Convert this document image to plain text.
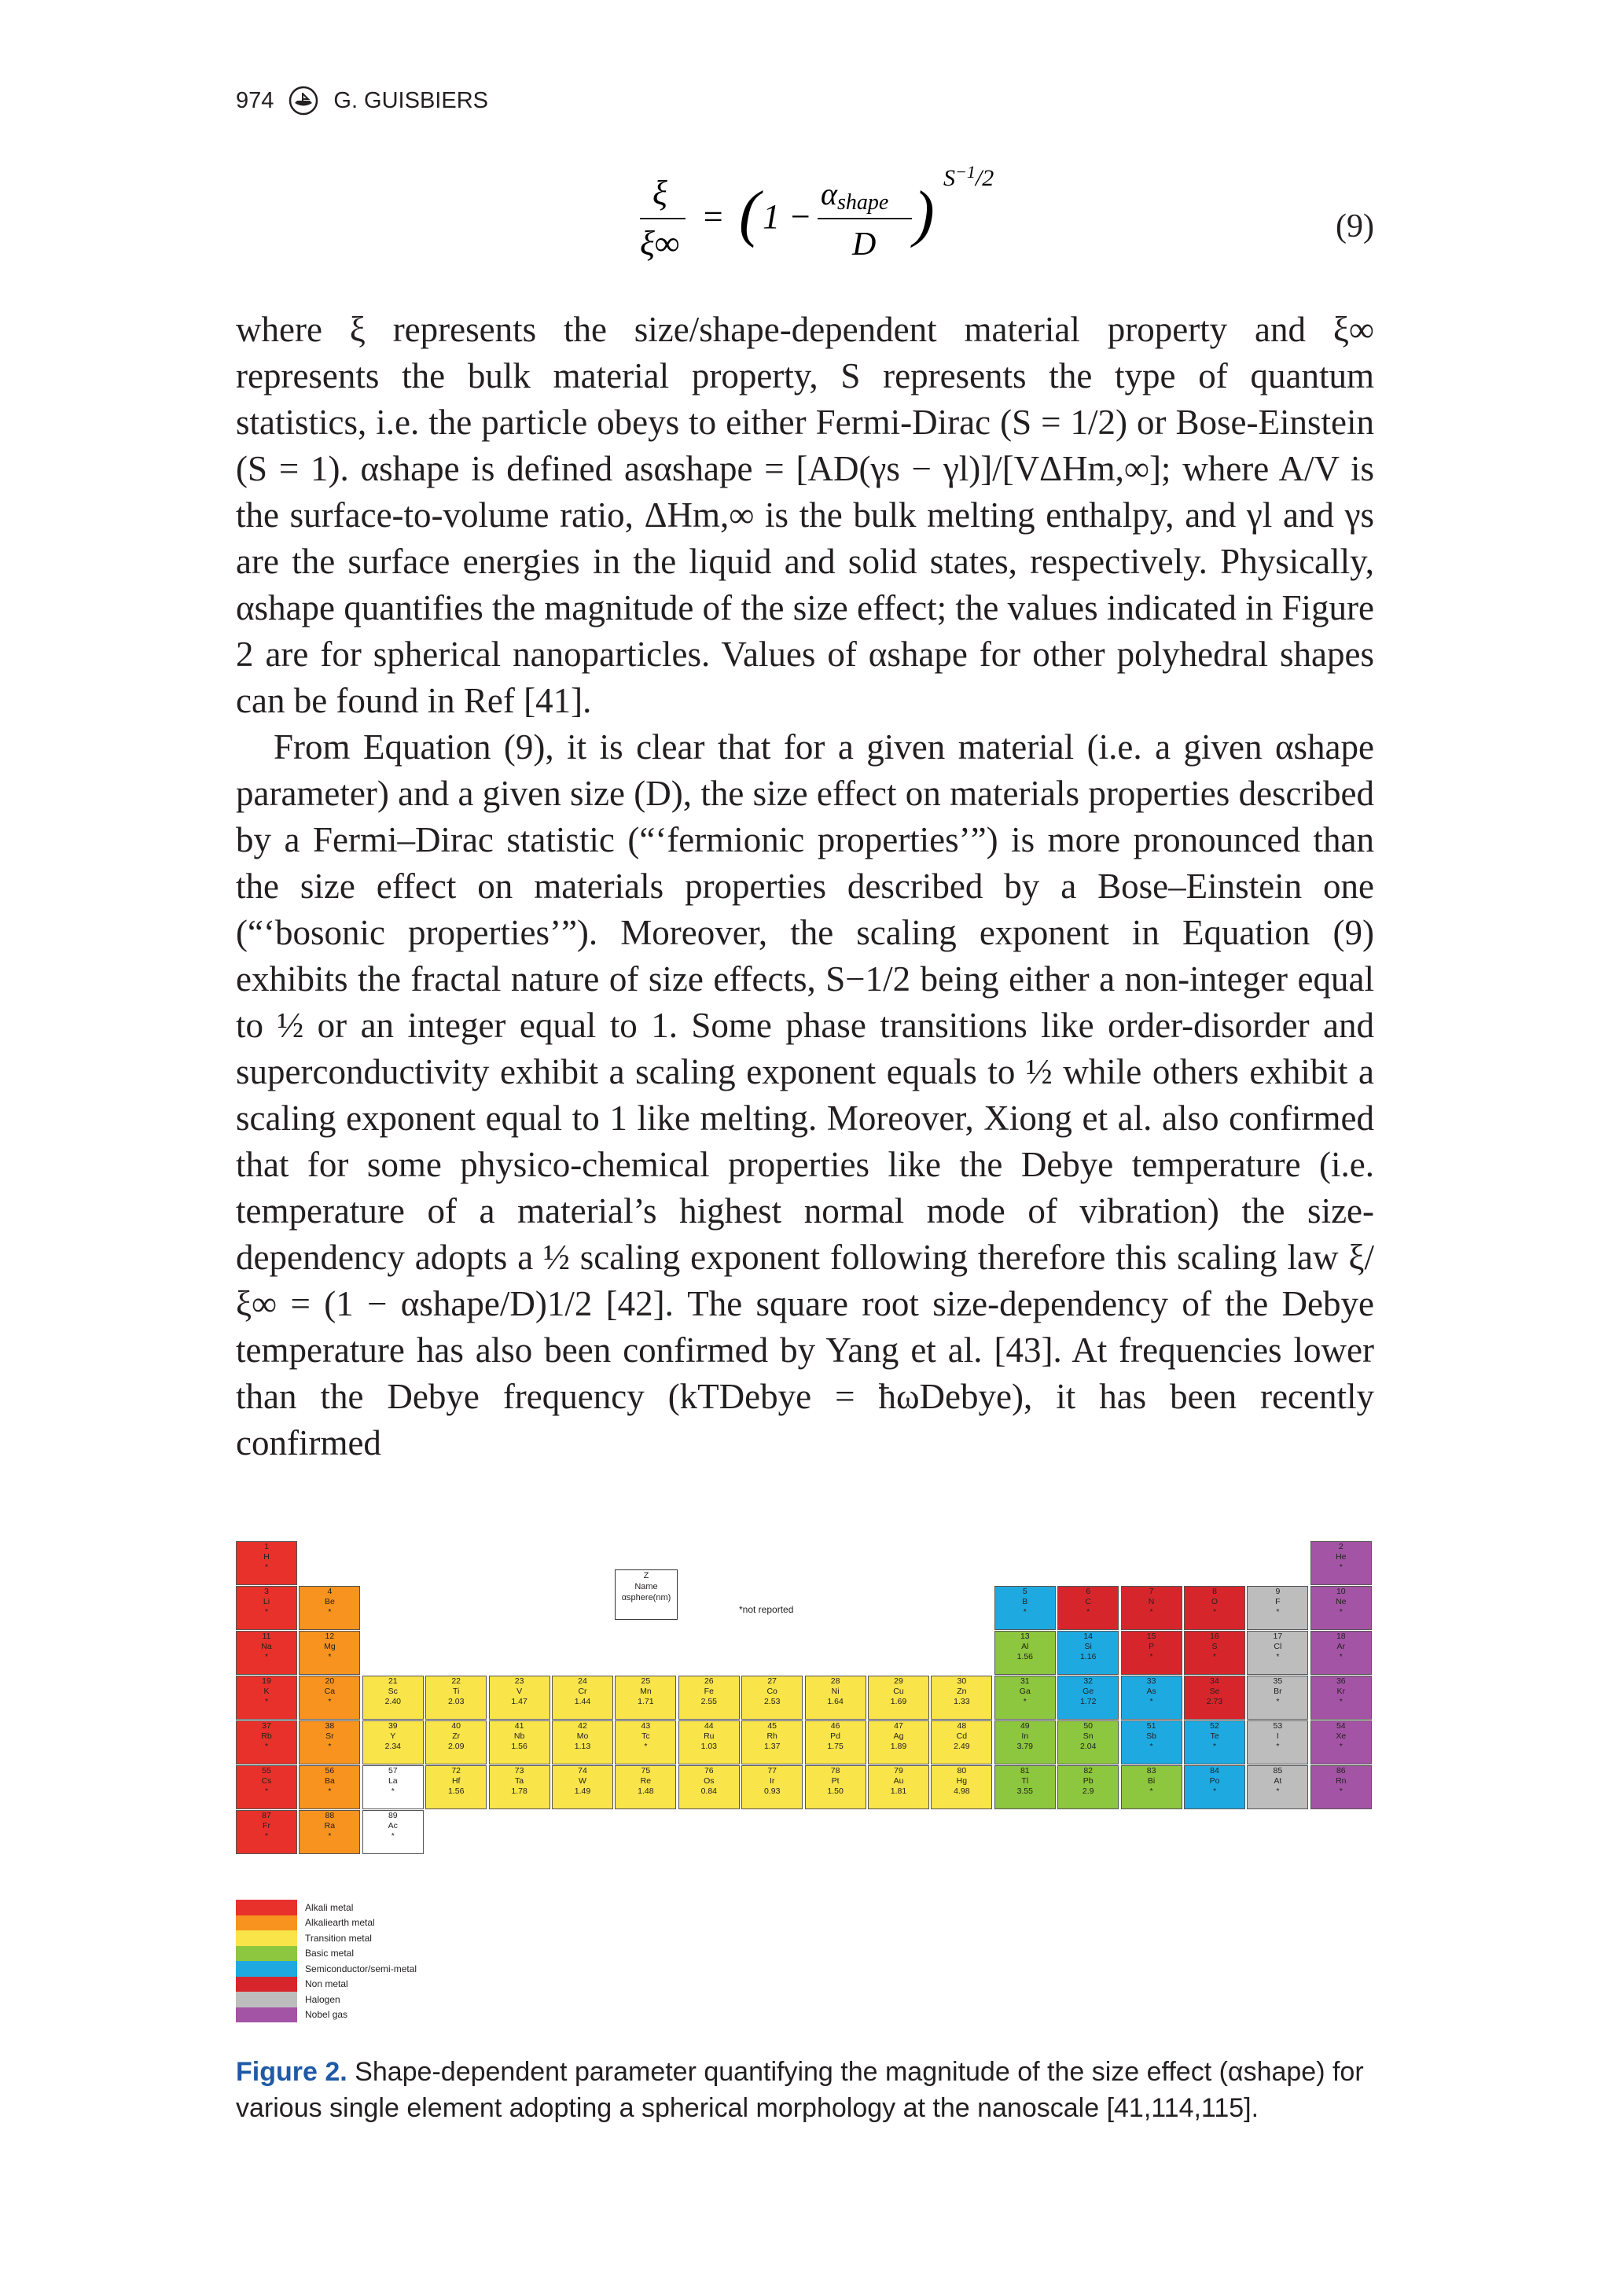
974	G. GUISBIERS
ξ
ξ∞
= ( 1 −
αshape
D )
$S^{-1}/2$
(9)

where ξ represents the size/shape-dependent material property and ξ∞ represents the bulk material property, S represents the type of quantum statistics, i.e. the particle obeys to either Fermi-Dirac (S = 1/2) or Bose-Einstein (S = 1). αshape is defined asαshape = [AD(γs − γl)]/[VΔHm,∞]; where A/V is the surface-to-volume ratio, ΔHm,∞ is the bulk melting enthalpy, and γl and γs are the surface energies in the liquid and solid states, respectively. Physically, αshape quantifies the magnitude of the size effect; the values indicated in Figure 2 are for spherical nanoparticles. Values of αshape for other polyhedral shapes can be found in Ref [41].

From Equation (9), it is clear that for a given material (i.e. a given αshape parameter) and a given size (D), the size effect on materials properties described by a Fermi–Dirac statistic (“‘fermionic properties’”) is more pronounced than the size effect on materials properties described by a Bose–Einstein one (“‘bosonic properties’”). Moreover, the scaling exponent in Equation (9) exhibits the fractal nature of size effects, S−1/2 being either a non-integer equal to ½ or an integer equal to 1. Some phase transitions like order-disorder and superconductivity exhibit a scaling exponent equals to ½ while others exhibit a scaling exponent equal to 1 like melting. Moreover, Xiong et al. also confirmed that for some physico-chemical properties like the Debye temperature (i.e. temperature of a material’s highest normal mode of vibration) the size-dependency adopts a ½ scaling exponent following therefore this scaling law ξ/ξ∞ = (1 − αshape/D)1/2 [42]. The square root size-dependency of the Debye temperature has also been confirmed by Yang et al. [43]. At frequencies lower than the Debye frequency (kTDebye = ħωDebye), it has been recently confirmed

Z
Name
αsphere(nm)
*not reported
Alkali metal
Alkaliearth metal
Transition metal
Basic metal
Semiconductor/semi-metal
Non metal
Halogen
Nobel gas
1
H
*
2
He
*
3
Li
*
4
Be
*
5
B
*
6
C
*
7
N
*
8
O
*
9
F
*
10
Ne
*
11
Na
*
12
Mg
*
13
Al
1.56
14
Si
1.16
15
P
*
16
S
*
17
Cl
*
18
Ar
*
19
K
*
20
Ca
*
21
Sc
2.40
22
Ti
2.03
23
V
1.47
24
Cr
1.44
25
Mn
1.71
26
Fe
2.55
27
Co
2.53
28
Ni
1.64
29
Cu
1.69
30
Zn
1.33
31
Ga
*
32
Ge
1.72
33
As
*
34
Se
2.73
35
Br
*
36
Kr
*
37
Rb
*
38
Sr
*
39
Y
2.34
40
Zr
2.09
41
Nb
1.56
42
Mo
1.13
43
Tc
*
44
Ru
1.03
45
Rh
1.37
46
Pd
1.75
47
Ag
1.89
48
Cd
2.49
49
In
3.79
50
Sn
2.04
51
Sb
*
52
Te
*
53
I
*
54
Xe
*
55
Cs
*
56
Ba
*
57
La
*
72
Hf
1.56
73
Ta
1.78
74
W
1.49
75
Re
1.48
76
Os
0.84
77
Ir
0.93
78
Pt
1.50
79
Au
1.81
80
Hg
4.98
81
Tl
3.55
82
Pb
2.9
83
Bi
*
84
Po
*
85
At
*
86
Rn
*
87
Fr
*
88
Ra
*
89
Ac
*
Figure 2. Shape-dependent parameter quantifying the magnitude of the size effect (αshape) for various single element adopting a spherical morphology at the nanoscale [41,114,115].
